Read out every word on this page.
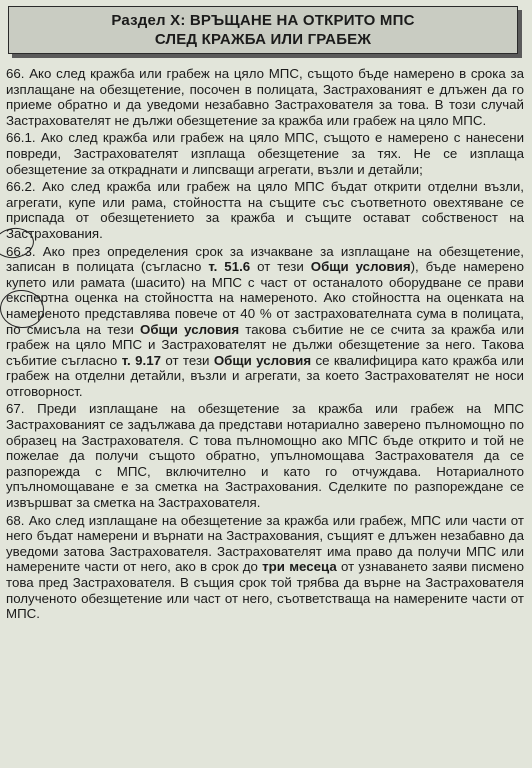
Раздел X: ВРЪЩАНЕ НА ОТКРИТО МПС
СЛЕД КРАЖБА ИЛИ ГРАБЕЖ

66. Ако след кражба или грабеж на цяло МПС, същото бъде намерено в срока за изплащане на обезщетение, посочен в полицата, Застрахованият е длъжен да го приеме обратно и да уведоми незабавно Застрахователя за това. В този случай Застрахователят не дължи обезщетение за кражба или грабеж на цяло МПС.

66.1. Ако след кражба или грабеж на цяло МПС, същото е намерено с нанесени повреди, Застрахователят изплаща обезщетение за тях. Не се изплаща обезщетение за откраднати и липсващи агрегати, възли и детайли;

66.2. Ако след кражба или грабеж на цяло МПС бъдат открити отделни възли, агрегати, купе или рама, стойността на същите със съответното овехтяване се приспада от обезщетението за кражба и същите остават собственост на Застрахования.

66.3. Ако през определения срок за изчакване за изплащане на обезщетение, записан в полицата (съгласно т. 51.6 от тези Общи условия), бъде намерено купето или рамата (шасито) на МПС с част от останалото оборудване се прави експертна оценка на стойността на намереното. Ако стойността на оценката на намереното представлява повече от 40 % от застрахователната сума в полицата, по смисъла на тези Общи условия такова събитие не се счита за кражба или грабеж на цяло МПС и Застрахователят не дължи обезщетение за него. Такова събитие съгласно т. 9.17 от тези Общи условия се квалифицира като кражба или грабеж на отделни детайли, възли и агрегати, за което Застрахователят не носи отговорност.

67. Преди изплащане на обезщетение за кражба или грабеж на МПС Застрахованият се задължава да представи нотариално заверено пълномощно по образец на Застрахователя. С това пълномощно ако МПС бъде открито и той не пожелае да получи същото обратно, упълномощава Застрахователя да се разпорежда с МПС, включително и като го отчуждава. Нотариалното упълномощаване е за сметка на Застрахования. Сделките по разпореждане се извършват за сметка на Застрахователя.

68. Ако след изплащане на обезщетение за кражба или грабеж, МПС или части от него бъдат намерени и върнати на Застрахования, същият е длъжен незабавно да уведоми затова Застрахователя. Застрахователят има право да получи МПС или намерените части от него, ако в срок до три месеца от узнаването заяви писмено това пред Застрахователя. В същия срок той трябва да върне на Застрахователя полученото обезщетение или част от него, съответстваща на намерените части от МПС.
